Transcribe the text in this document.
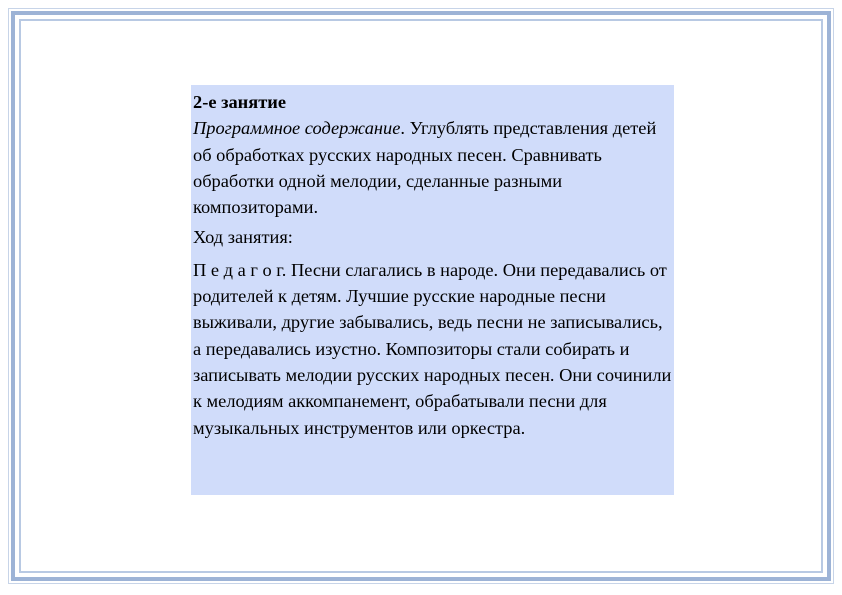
2-е занятие

Программное содержание. Углублять представления детей об обработках русских народных песен. Сравнивать обработки одной мелодии, сделанные разными композиторами.

Ход занятия:

П е д а г о г. Песни слагались в народе. Они передавались от родителей к детям. Лучшие русские народные песни выживали, другие забывались, ведь песни не записывались, а передавались изустно. Композиторы стали собирать и записывать мелодии русских народных песен. Они сочинили к мелодиям аккомпанемент, обрабатывали песни для музыкальных инструментов или оркестра.
